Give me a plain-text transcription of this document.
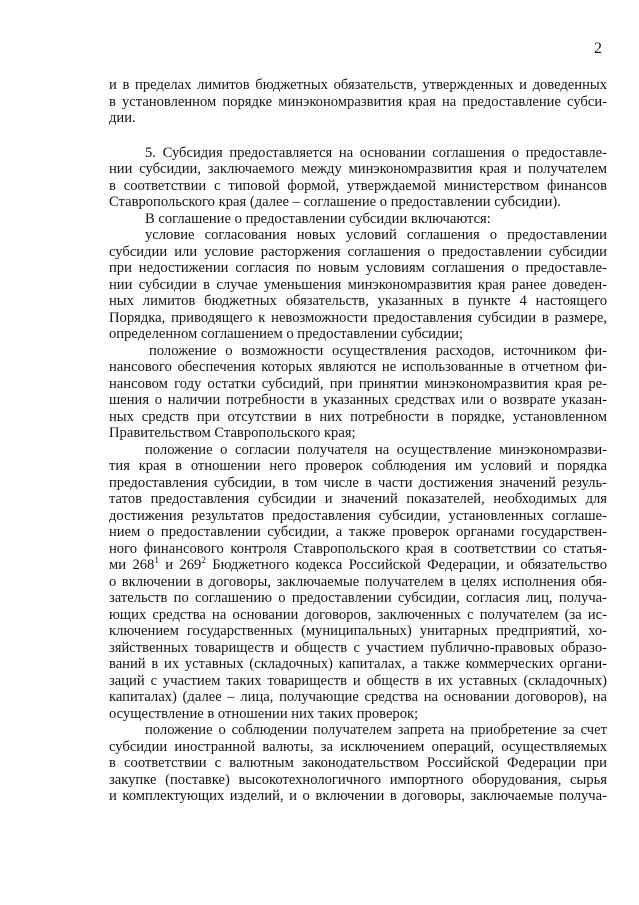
2
и в пределах лимитов бюджетных обязательств, утвержденных и доведенных
в установленном порядке минэкономразвития края на предоставление субси-
дии.
5. Субсидия предоставляется на основании соглашения о предоставле-
нии субсидии, заключаемого между минэкономразвития края и получателем
в соответствии с типовой формой, утверждаемой министерством финансов
Ставропольского края (далее – соглашение о предоставлении субсидии).
В соглашение о предоставлении субсидии включаются:
условие согласования новых условий соглашения о предоставлении
субсидии или условие расторжения соглашения о предоставлении субсидии
при недостижении согласия по новым условиям соглашения о предоставле-
нии субсидии в случае уменьшения минэкономразвития края ранее доведен-
ных лимитов бюджетных обязательств, указанных в пункте 4 настоящего
Порядка, приводящего к невозможности предоставления субсидии в размере,
определенном соглашением о предоставлении субсидии;
положение о возможности осуществления расходов, источником фи-
нансового обеспечения которых являются не использованные в отчетном фи-
нансовом году остатки субсидий, при принятии минэкономразвития края ре-
шения о наличии потребности в указанных средствах или о возврате указан-
ных средств при отсутствии в них потребности в порядке, установленном
Правительством Ставропольского края;
положение о согласии получателя на осуществление минэкономразви-
тия края в отношении него проверок соблюдения им условий и порядка
предоставления субсидии, в том числе в части достижения значений резуль-
татов предоставления субсидии и значений показателей, необходимых для
достижения результатов предоставления субсидии, установленных соглаше-
нием о предоставлении субсидии, а также проверок органами государствен-
ного финансового контроля Ставропольского края в соответствии со статья-
ми $268^1$ и $269^2$ Бюджетного кодекса Российской Федерации, и обязательство
о включении в договоры, заключаемые получателем в целях исполнения обя-
зательств по соглашению о предоставлении субсидии, согласия лиц, получа-
ющих средства на основании договоров, заключенных с получателем (за ис-
ключением государственных (муниципальных) унитарных предприятий, хо-
зяйственных товариществ и обществ с участием публично-правовых образо-
ваний в их уставных (складочных) капиталах, а также коммерческих органи-
заций с участием таких товариществ и обществ в их уставных (складочных)
капиталах) (далее – лица, получающие средства на основании договоров), на
осуществление в отношении них таких проверок;
положение о соблюдении получателем запрета на приобретение за счет
субсидии иностранной валюты, за исключением операций, осуществляемых
в соответствии с валютным законодательством Российской Федерации при
закупке (поставке) высокотехнологичного импортного оборудования, сырья
и комплектующих изделий, и о включении в договоры, заключаемые получа-
